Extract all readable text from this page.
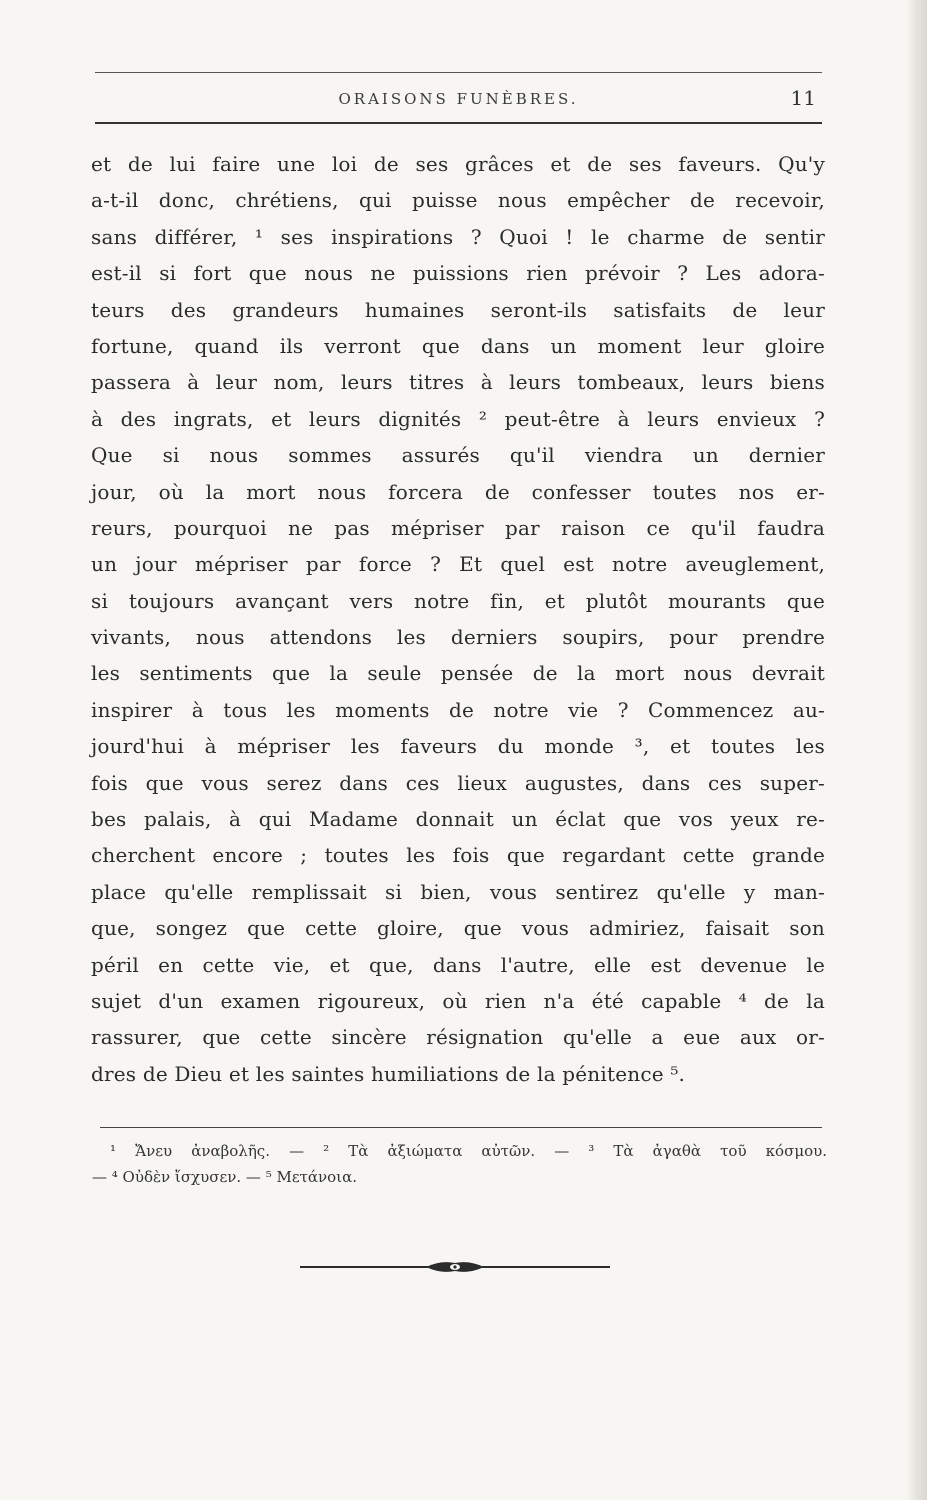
ORAISONS FUNÈBRES.	11
et de lui faire une loi de ses grâces et de ses faveurs. Qu'y
a-t-il donc, chrétiens, qui puisse nous empêcher de recevoir,
sans différer, ¹ ses inspirations ? Quoi ! le charme de sentir
est-il si fort que nous ne puissions rien prévoir ? Les adora-
teurs des grandeurs humaines seront-ils satisfaits de leur
fortune, quand ils verront que dans un moment leur gloire
passera à leur nom, leurs titres à leurs tombeaux, leurs biens
à des ingrats, et leurs dignités ² peut-être à leurs envieux ?
Que si nous sommes assurés qu'il viendra un dernier
jour, où la mort nous forcera de confesser toutes nos er-
reurs, pourquoi ne pas mépriser par raison ce qu'il faudra
un jour mépriser par force ? Et quel est notre aveuglement,
si toujours avançant vers notre fin, et plutôt mourants que
vivants, nous attendons les derniers soupirs, pour prendre
les sentiments que la seule pensée de la mort nous devrait
inspirer à tous les moments de notre vie ? Commencez au-
jourd'hui à mépriser les faveurs du monde ³, et toutes les
fois que vous serez dans ces lieux augustes, dans ces super-
bes palais, à qui Madame donnait un éclat que vos yeux re-
cherchent encore ; toutes les fois que regardant cette grande
place qu'elle remplissait si bien, vous sentirez qu'elle y man-
que, songez que cette gloire, que vous admiriez, faisait son
péril en cette vie, et que, dans l'autre, elle est devenue le
sujet d'un examen rigoureux, où rien n'a été capable ⁴ de la
rassurer, que cette sincère résignation qu'elle a eue aux or-
dres de Dieu et les saintes humiliations de la pénitence ⁵.
¹ Ἄνευ ἀναβολῆς. — ² Τὰ ἀξιώματα αὐτῶν. — ³ Τὰ ἀγαθὰ τοῦ κόσμου.
— ⁴ Οὐδὲν ἴσχυσεν. — ⁵ Μετάνοια.
